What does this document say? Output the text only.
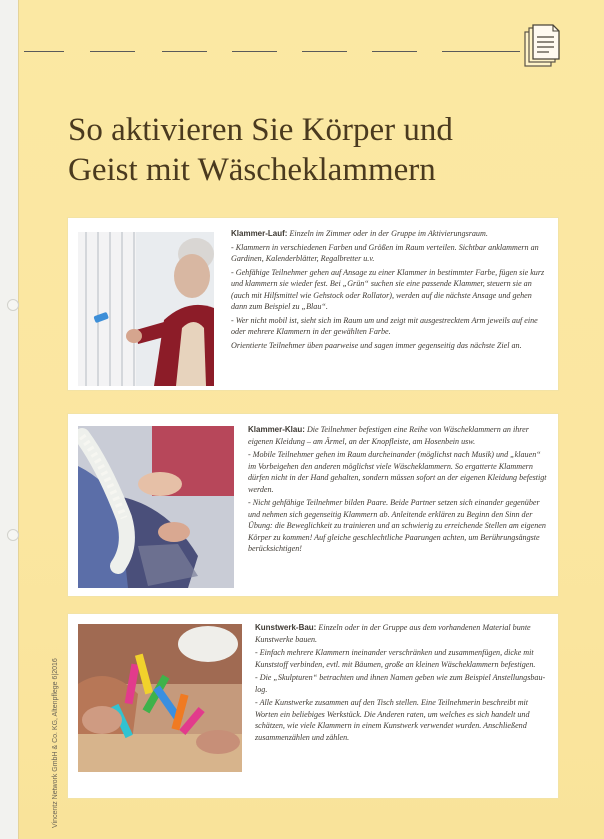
So aktivieren Sie Körper und
Geist mit Wäscheklammern

Klammer-Lauf: Einzeln im Zimmer oder in der Gruppe im Aktivierungsraum.

- Klammern in verschiedenen Farben und Größen im Raum verteilen. Sichtbar anklammern an Gardinen, Kalenderblätter, Regalbretter u.v.

- Gehfähige Teilnehmer gehen auf Ansage zu einer Klammer in bestimmter Farbe, fügen sie kurz und klammern sie wieder fest. Bei „Grün“ suchen sie eine passende Klammer, steuern sie an (auch mit Hilfsmittel wie Gehstock oder Rollator), werden auf die nächste Ansage und gehen dann zum Beispiel zu „Blau“.

- Wer nicht mobil ist, sieht sich im Raum um und zeigt mit ausgestrecktem Arm jeweils auf eine oder mehrere Klammern in der gewählten Farbe.

Orientierte Teilnehmer üben paarweise und sagen immer gegenseitig das nächste Ziel an.

Klammer-Klau: Die Teilnehmer befestigen eine Reihe von Wäscheklammern an ihrer eigenen Kleidung – am Ärmel, an der Knopfleiste, am Hosenbein usw.

- Mobile Teilnehmer gehen im Raum durcheinander (möglichst nach Musik) und „klauen“ im Vorbeigehen den anderen möglichst viele Wäscheklammern. So ergatterte Klammern dürfen nicht in der Hand gehalten, sondern müssen sofort an der eigenen Kleidung befestigt werden.

- Nicht gehfähige Teilnehmer bilden Paare. Beide Partner setzen sich einander gegenüber und nehmen sich gegenseitig Klammern ab. Anleitende erklären zu Beginn den Sinn der Übung: die Beweglichkeit zu trainieren und an schwierig zu erreichende Stellen am eigenen Körper zu kommen! Auf gleiche geschlechtliche Paarungen achten, um Berührungsängste berücksichtigen!

Kunstwerk-Bau: Einzeln oder in der Gruppe aus dem vorhandenen Material bunte Kunstwerke bauen.

- Einfach mehrere Klammern ineinander verschränken und zusammenfügen, dicke mit Kunststoff verbinden, evtl. mit Bäumen, große an kleinen Wäscheklammern befestigen.

- Die „Skulpturen“ betrachten und ihnen Namen geben wie zum Beispiel Anstellungsbau-log.

- Alle Kunstwerke zusammen auf den Tisch stellen. Eine Teilnehmerin beschreibt mit Worten ein beliebiges Werkstück. Die Anderen raten, um welches es sich handelt und schätzen, wie viele Klammern in einem Kunstwerk verwendet wurden. Anschließend zusammenzählen und zählen.

Vincentz Network GmbH & Co. KG, Altenpflege 6|2016
